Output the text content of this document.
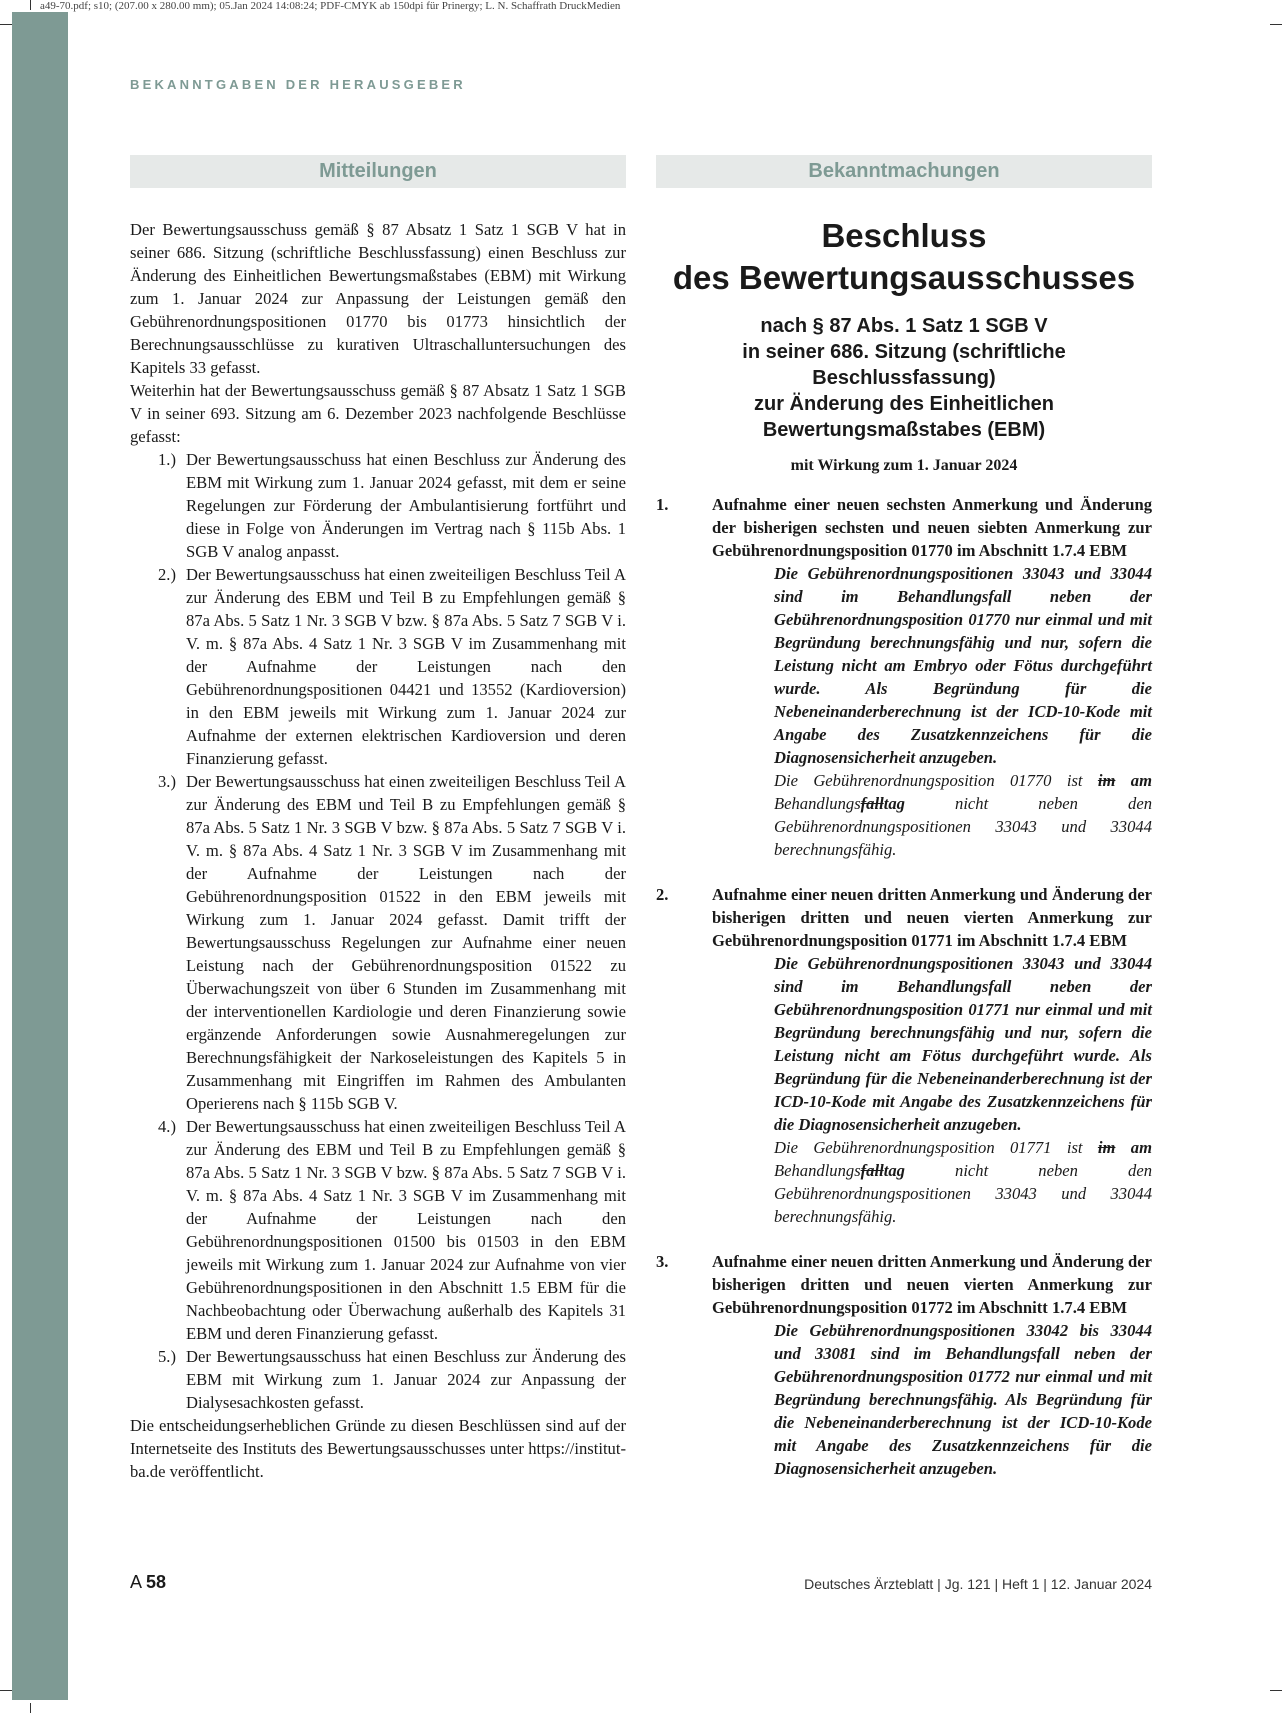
a49-70.pdf; s10; (207.00 x 280.00 mm); 05.Jan 2024 14:08:24; PDF-CMYK ab 150dpi für Prinergy; L. N. Schaffrath DruckMedien
BEKANNTGABEN DER HERAUSGEBER
Mitteilungen	Bekanntmachungen

Der Bewertungsausschuss gemäß § 87 Absatz 1 Satz 1 SGB V hat in seiner 686. Sitzung (schriftliche Beschlussfassung) einen Beschluss zur Änderung des Einheitlichen Bewertungsmaßstabes (EBM) mit Wirkung zum 1. Januar 2024 zur Anpassung der Leistungen gemäß den Gebührenordnungspositionen 01770 bis 01773 hinsichtlich der Berechnungsausschlüsse zu kurativen Ultraschalluntersuchungen des Kapitels 33 gefasst.

Weiterhin hat der Bewertungsausschuss gemäß § 87 Absatz 1 Satz 1 SGB V in seiner 693. Sitzung am 6. Dezember 2023 nachfolgende Beschlüsse gefasst:

1.) Der Bewertungsausschuss hat einen Beschluss zur Änderung des EBM mit Wirkung zum 1. Januar 2024 gefasst, mit dem er seine Regelungen zur Förderung der Ambulantisierung fortführt und diese in Folge von Änderungen im Vertrag nach § 115b Abs. 1 SGB V analog anpasst.
2.) Der Bewertungsausschuss hat einen zweiteiligen Beschluss Teil A zur Änderung des EBM und Teil B zu Empfehlungen gemäß § 87a Abs. 5 Satz 1 Nr. 3 SGB V bzw. § 87a Abs. 5 Satz 7 SGB V i. V. m. § 87a Abs. 4 Satz 1 Nr. 3 SGB V im Zusammenhang mit der Aufnahme der Leistungen nach den Gebührenordnungspositionen 04421 und 13552 (Kardioversion) in den EBM jeweils mit Wirkung zum 1. Januar 2024 zur Aufnahme der externen elektrischen Kardioversion und deren Finanzierung gefasst.
3.) Der Bewertungsausschuss hat einen zweiteiligen Beschluss Teil A zur Änderung des EBM und Teil B zu Empfehlungen gemäß § 87a Abs. 5 Satz 1 Nr. 3 SGB V bzw. § 87a Abs. 5 Satz 7 SGB V i. V. m. § 87a Abs. 4 Satz 1 Nr. 3 SGB V im Zusammenhang mit der Aufnahme der Leistungen nach der Gebührenordnungsposition 01522 in den EBM jeweils mit Wirkung zum 1. Januar 2024 gefasst. Damit trifft der Bewertungsausschuss Regelungen zur Aufnahme einer neuen Leistung nach der Gebührenordnungsposition 01522 zu Überwachungszeit von über 6 Stunden im Zusammenhang mit der interventionellen Kardiologie und deren Finanzierung sowie ergänzende Anforderungen sowie Ausnahmeregelungen zur Berechnungsfähigkeit der Narkoseleistungen des Kapitels 5 in Zusammenhang mit Eingriffen im Rahmen des Ambulanten Operierens nach § 115b SGB V.
4.) Der Bewertungsausschuss hat einen zweiteiligen Beschluss Teil A zur Änderung des EBM und Teil B zu Empfehlungen gemäß § 87a Abs. 5 Satz 1 Nr. 3 SGB V bzw. § 87a Abs. 5 Satz 7 SGB V i. V. m. § 87a Abs. 4 Satz 1 Nr. 3 SGB V im Zusammenhang mit der Aufnahme der Leistungen nach den Gebührenordnungspositionen 01500 bis 01503 in den EBM jeweils mit Wirkung zum 1. Januar 2024 zur Aufnahme von vier Gebührenordnungspositionen in den Abschnitt 1.5 EBM für die Nachbeobachtung oder Überwachung außerhalb des Kapitels 31 EBM und deren Finanzierung gefasst.
5.) Der Bewertungsausschuss hat einen Beschluss zur Änderung des EBM mit Wirkung zum 1. Januar 2024 zur Anpassung der Dialysesachkosten gefasst.

Die entscheidungserheblichen Gründe zu diesen Beschlüssen sind auf der Internetseite des Instituts des Bewertungsausschusses unter https://institut-ba.de veröffentlicht.

Beschluss
des Bewertungsausschusses
nach § 87 Abs. 1 Satz 1 SGB V
in seiner 686. Sitzung (schriftliche Beschlussfassung)
zur Änderung des Einheitlichen
Bewertungsmaßstabes (EBM)
mit Wirkung zum 1. Januar 2024
1.	Aufnahme einer neuen sechsten Anmerkung und Änderung der bisherigen sechsten und neuen siebten Anmerkung zur Gebührenordnungsposition 01770 im Abschnitt 1.7.4 EBM
Die Gebührenordnungspositionen 33043 und 33044 sind im Behandlungsfall neben der Gebührenordnungsposition 01770 nur einmal und mit Begründung berechnungsfähig und nur, sofern die Leistung nicht am Embryo oder Fötus durchgeführt wurde. Als Begründung für die Nebeneinanderberechnung ist der ICD-10-Kode mit Angabe des Zusatzkennzeichens für die Diagnosensicherheit anzugeben.
Die Gebührenordnungsposition 01770 ist im am Behandlungsfalltag nicht neben den Gebührenordnungspositionen 33043 und 33044 berechnungsfähig.
2.	Aufnahme einer neuen dritten Anmerkung und Änderung der bisherigen dritten und neuen vierten Anmerkung zur Gebührenordnungsposition 01771 im Abschnitt 1.7.4 EBM
Die Gebührenordnungspositionen 33043 und 33044 sind im Behandlungsfall neben der Gebührenordnungsposition 01771 nur einmal und mit Begründung berechnungsfähig und nur, sofern die Leistung nicht am Fötus durchgeführt wurde. Als Begründung für die Nebeneinanderberechnung ist der ICD-10-Kode mit Angabe des Zusatzkennzeichens für die Diagnosensicherheit anzugeben.
Die Gebührenordnungsposition 01771 ist im am Behandlungsfalltag nicht neben den Gebührenordnungspositionen 33043 und 33044 berechnungsfähig.
3.	Aufnahme einer neuen dritten Anmerkung und Änderung der bisherigen dritten und neuen vierten Anmerkung zur Gebührenordnungsposition 01772 im Abschnitt 1.7.4 EBM
Die Gebührenordnungspositionen 33042 bis 33044 und 33081 sind im Behandlungsfall neben der Gebührenordnungsposition 01772 nur einmal und mit Begründung berechnungsfähig. Als Begründung für die Nebeneinanderberechnung ist der ICD-10-Kode mit Angabe des Zusatzkennzeichens für die Diagnosensicherheit anzugeben.
A 58	Deutsches Ärzteblatt | Jg. 121 | Heft 1 | 12. Januar 2024
